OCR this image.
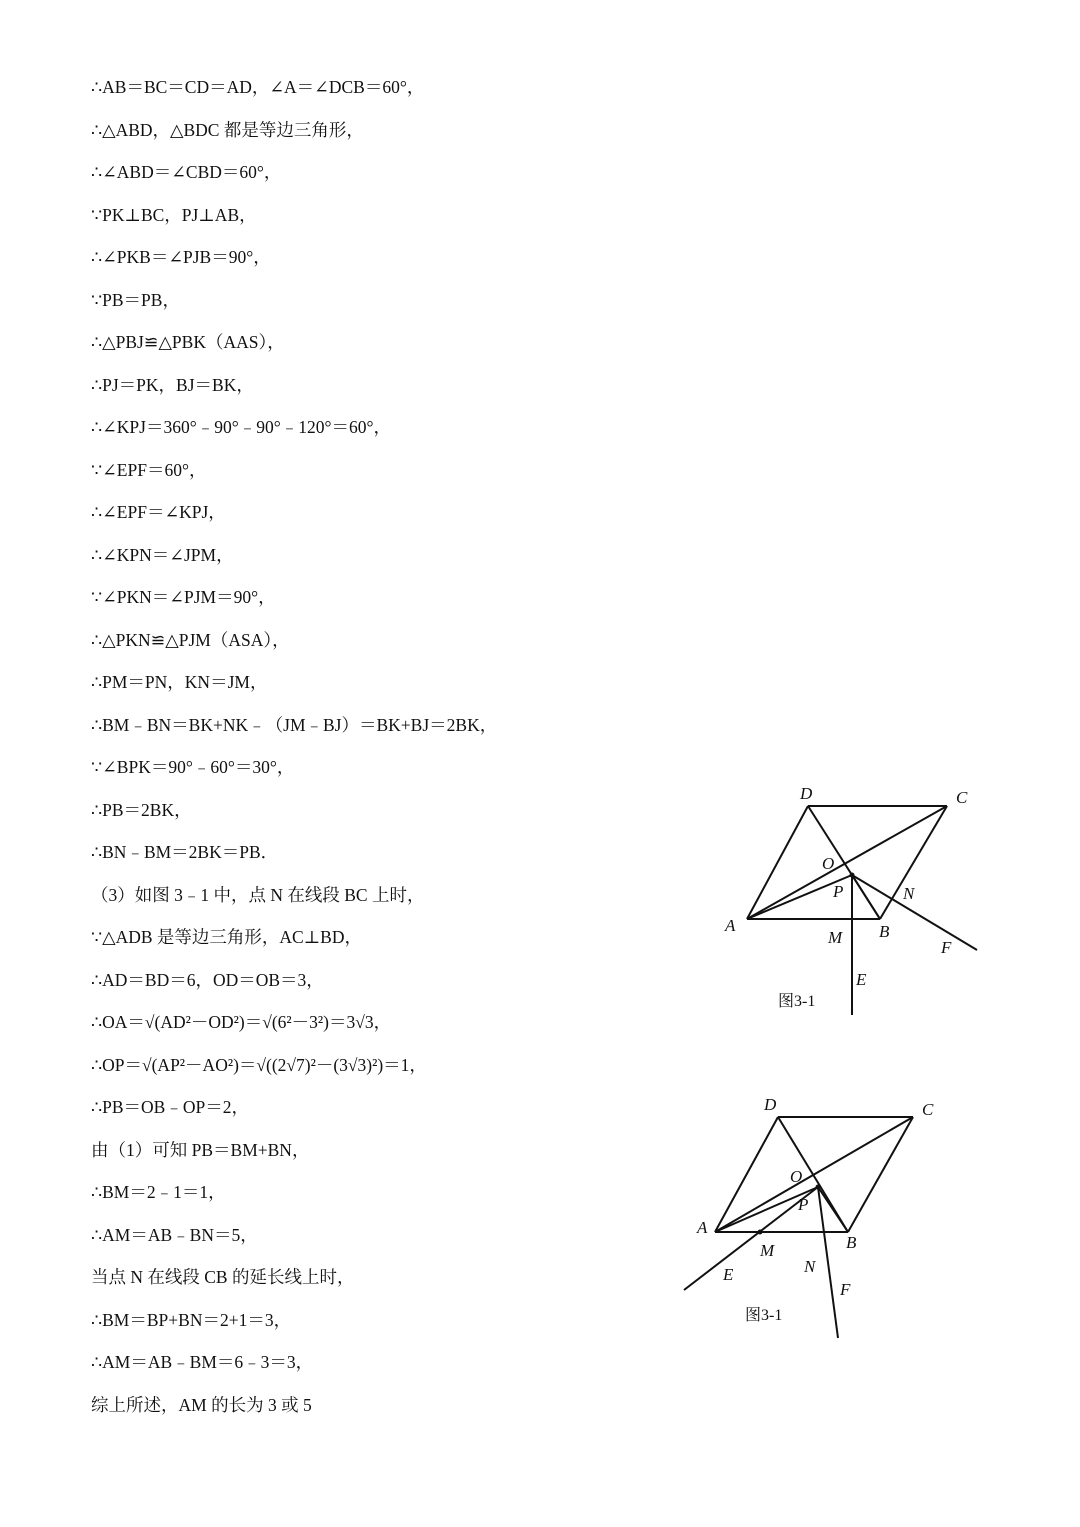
∴AB＝BC＝CD＝AD，∠A＝∠DCB＝60°，
∴△ABD，△BDC 都是等边三角形，
∴∠ABD＝∠CBD＝60°，
∵PK⊥BC，PJ⊥AB，
∴∠PKB＝∠PJB＝90°，
∵PB＝PB，
∴△PBJ≌△PBK（AAS），
∴PJ＝PK，BJ＝BK，
∴∠KPJ＝360°﹣90°﹣90°﹣120°＝60°，
∵∠EPF＝60°，
∴∠EPF＝∠KPJ，
∴∠KPN＝∠JPM，
∵∠PKN＝∠PJM＝90°，
∴△PKN≌△PJM（ASA），
∴PM＝PN，KN＝JM，
∴BM﹣BN＝BK+NK﹣（JM﹣BJ）＝BK+BJ＝2BK，
∵∠BPK＝90°﹣60°＝30°，
∴PB＝2BK，
∴BN﹣BM＝2BK＝PB．
（3）如图 3﹣1 中，点 N 在线段 BC 上时，
∵△ADB 是等边三角形，AC⊥BD，
∴AD＝BD＝6，OD＝OB＝3，
∴OA＝√(AD²－OD²)＝√(6²－3²)＝3√3，
∴OP＝√(AP²－AO²)＝√((2√7)²－(3√3)²)＝1，
∴PB＝OB﹣OP＝2，
由（1）可知 PB＝BM+BN，
∴BM＝2﹣1＝1，
∴AM＝AB﹣BN＝5，
当点 N 在线段 CB 的延长线上时，
∴BM＝BP+BN＝2+1＝3，
∴AM＝AB﹣BM＝6﹣3＝3，
综上所述，AM 的长为 3 或 5
D	C
O
P	N
A
M B
F
E
图3-1
D	C
O
P
A
M	B
N
E
F
图3-1
